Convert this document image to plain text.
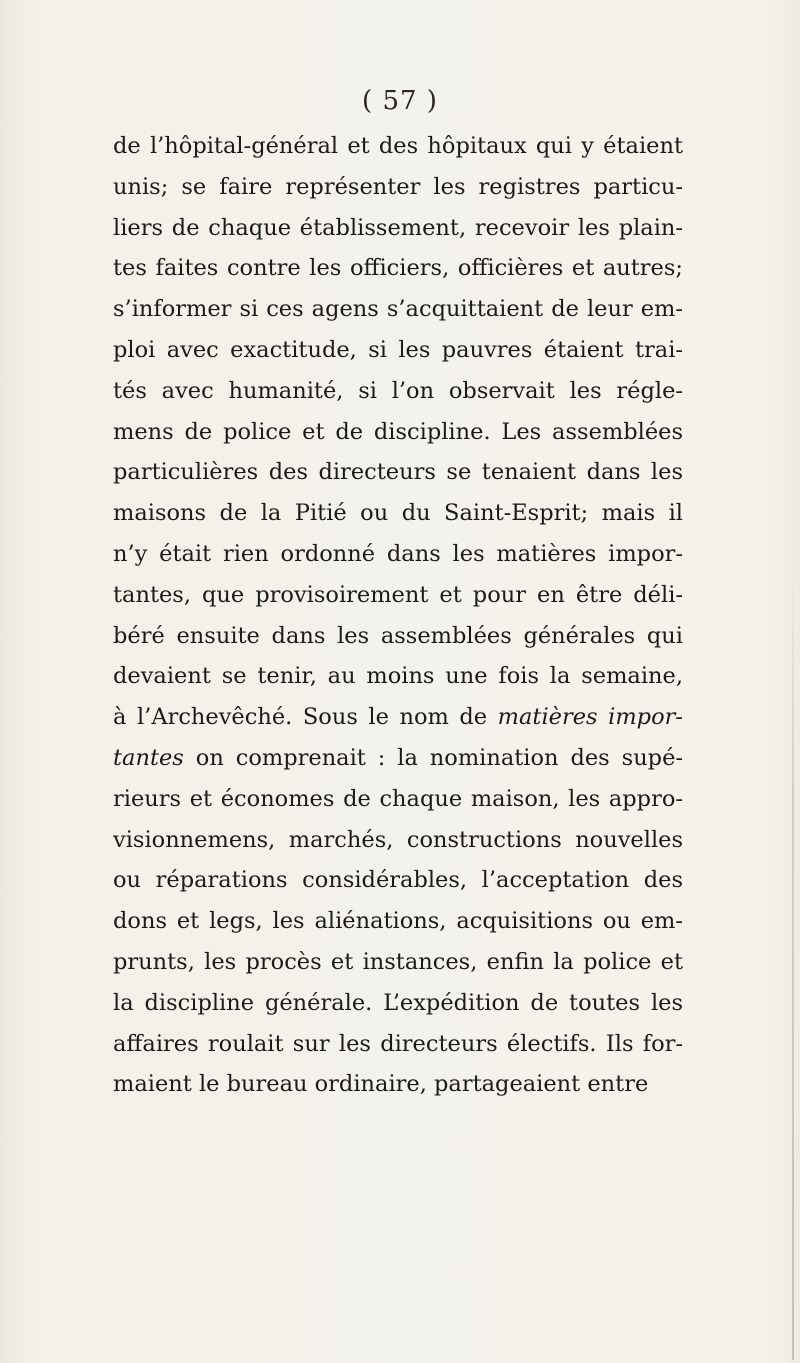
( 57 )
de l’hôpital-général et des hôpitaux qui y étaient
unis; se faire représenter les registres particu-
liers de chaque établissement, recevoir les plain-
tes faites contre les officiers, officières et autres;
s’informer si ces agens s’acquittaient de leur em-
ploi avec exactitude, si les pauvres étaient trai-
tés avec humanité, si l’on observait les régle-
mens de police et de discipline. Les assemblées
particulières des directeurs se tenaient dans les
maisons de la Pitié ou du Saint-Esprit; mais il
n’y était rien ordonné dans les matières impor-
tantes, que provisoirement et pour en être déli-
béré ensuite dans les assemblées générales qui
devaient se tenir, au moins une fois la semaine,
à l’Archevêché. Sous le nom de matières impor-
tantes on comprenait : la nomination des supé-
rieurs et économes de chaque maison, les appro-
visionnemens, marchés, constructions nouvelles
ou réparations considérables, l’acceptation des
dons et legs, les aliénations, acquisitions ou em-
prunts, les procès et instances, enfin la police et
la discipline générale. L’expédition de toutes les
affaires roulait sur les directeurs électifs. Ils for-
maient le bureau ordinaire, partageaient entre
